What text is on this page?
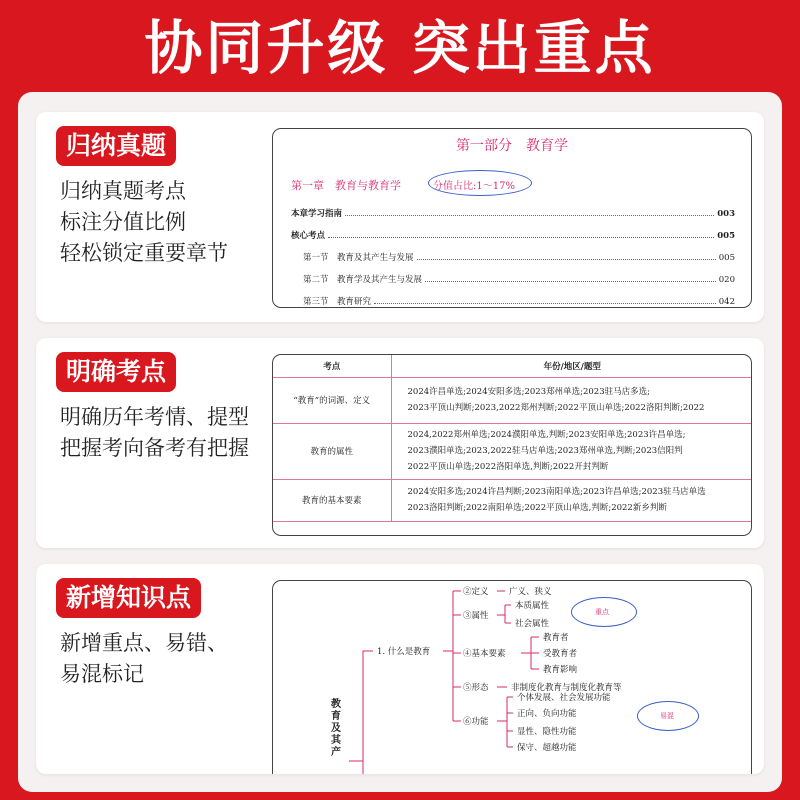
协同升级 突出重点
归纳真题
归纳真题考点
标注分值比例
轻松锁定重要章节
第一部分　教育学
第一章　教育与教育学	分值占比:1～17%
本章学习指南	003
核心考点	005
第一节　教育及其产生与发展	005
第二节　教育学及其产生与发展	020
第三节　教育研究	042
明确考点
明确历年考情、提型
把握考向备考有把握
考点	年份/地区/题型
“教育”的词源、定义	2024许昌单选;2024安阳多选;2023郑州单选;2023驻马店多选;
2023平顶山判断;2023,2022郑州判断;2022平顶山单选;2022洛阳判断;2022

教育的属性	2024,2022郑州单选;2024濮阳单选,判断;2023安阳单选;2023许昌单选;
2023濮阳单选;2023,2022驻马店单选;2023郑州单选,判断;2023信阳判
2022平顶山单选;2022洛阳单选,判断;2022开封判断

教育的基本要素	2024安阳多选;2024许昌判断;2023南阳单选;2023许昌单选;2023驻马店单选
2023洛阳判断;2022南阳单选;2022平顶山单选,判断;2022新乡判断
新增知识点
新增重点、易错、
易混标记
教育及其产
1. 什么是教育
②定义 广义、狭义
③属性
本质属性
社会属性
重点
④基本要素
教育者
受教育者
教育影响
⑤形态	非制度化教育与制度化教育等
⑥功能
个体发展、社会发展功能
正向、负向功能
显性、隐性功能
保守、超越功能
易混
